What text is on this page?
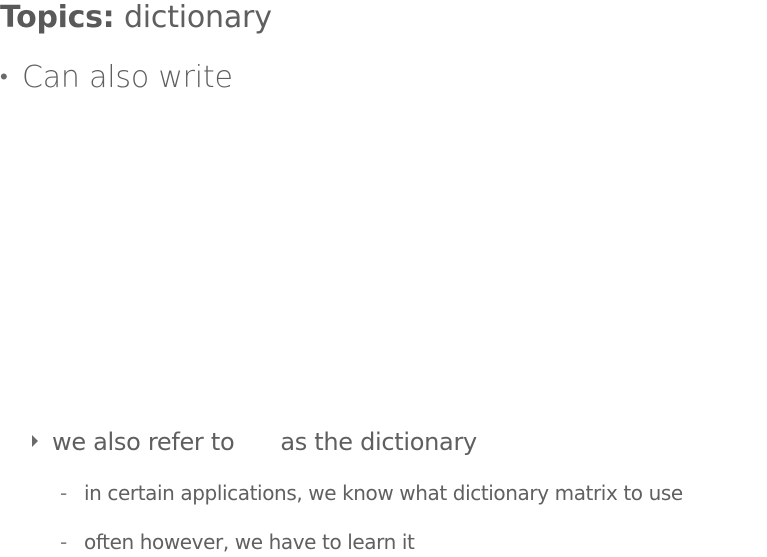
Topics: dictionary
• Can also write
we also refer to as the dictionary
- in certain applications, we know what dictionary matrix to use
- often however, we have to learn it
